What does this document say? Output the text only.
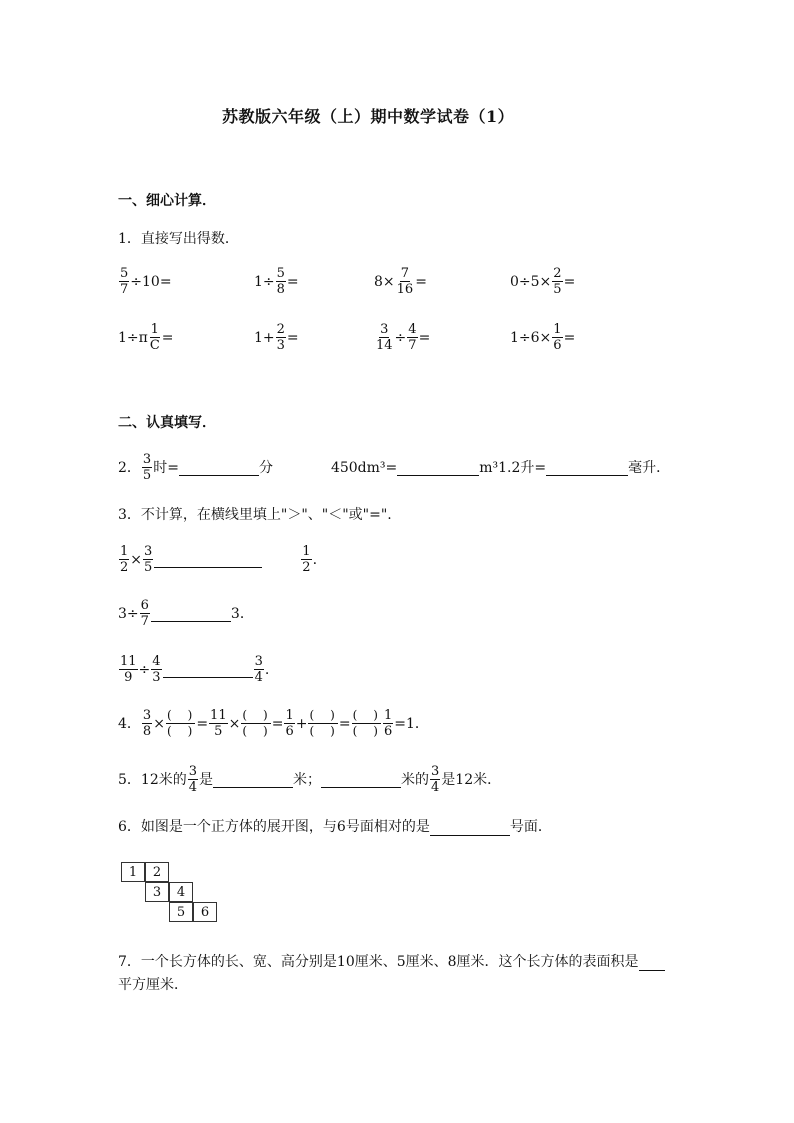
苏教版六年级（上）期中数学试卷（1）
一、细心计算．
1．直接写出得数．
$\frac{5}{7} \div 10=$	$1\div \frac{5}{8}$ =	$8\times \frac{7}{16}$ =	$0\div 5\times \frac{2}{5}$ =
$1\div\pi \frac{1}{C}$ =	$1+ \frac{2}{3}$ =	$\frac{3}{14} \div \frac{4}{7}$ =	$1\div 6\times \frac{1}{6}$ =
二、认真填写．
2． $\frac{3}{5}$ 时=	分	450dm³=	m³1.2升=	毫升．
3．不计算，在横线里填上"＞"、"＜"或"=".
$\frac{1}{2} \times \frac{3}{5}$	$\frac{1}{2}$ .
$3\div \frac{6}{7}$	3．
$\frac{11}{9} \div \frac{4}{3}$	$\frac{3}{4}$ .
4． $\frac{3}{8} \times \frac{( )}{( )} = \frac{11}{5} \times \frac{( )}{( )} = \frac{1}{6} + \frac{( )}{( )} = \frac{( )}{( )} \frac{1}{6} =1$．
5．12米的 $\frac{3}{4}$ 是	米；	米的 $\frac{3}{4}$ 是12米．
6．如图是一个正方体的展开图，与6号面相对的是	号面．
1	2
3	4
5	6
7．一个长方体的长、宽、高分别是10厘米、5厘米、8厘米．这个长方体的表面积是
平方厘米．
